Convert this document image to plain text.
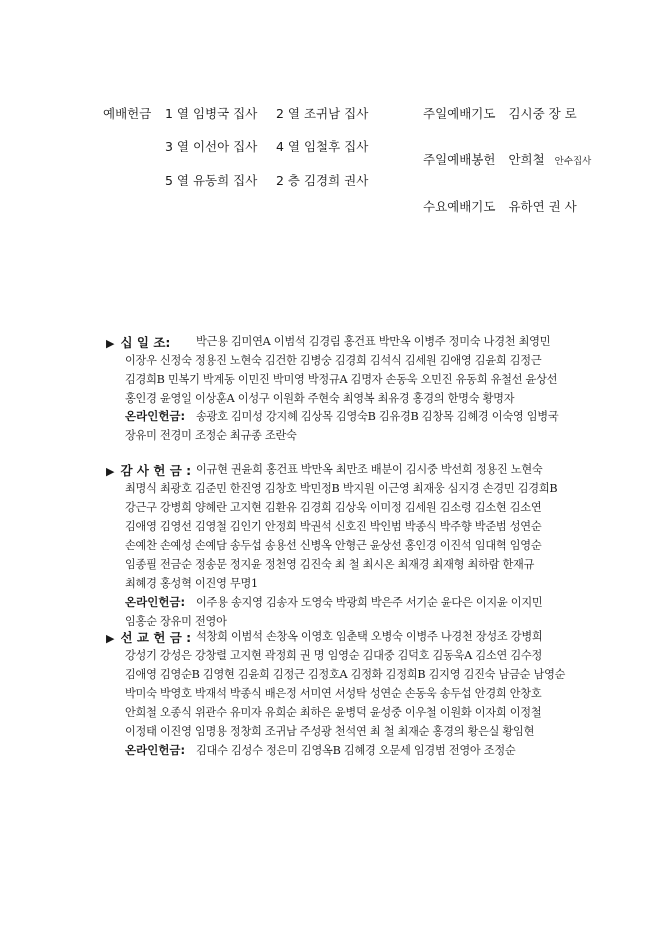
예배헌금 1 열 임병국 집사 2 열 조귀남 집사
3 열 이선아 집사 4 열 임철후 집사
5 열 유동희 집사 2 층 김경희 권사
주일예배기도 김시중 장 로
주일예배봉헌 안희철 안수집사
수요예배기도 유하연 권 사
▶ 십 일 조: 박근용 김미연A 이범석 김경림 홍건표 박만옥 이병주 정미숙 나경천 최영민
이장우 신정숙 정용진 노현숙 김건한 김병숭 김경희 김석식 김세원 김애영 김윤희 김정근
김경희B 민복기 박계동 이민진 박미영 박정규A 김명자 손동욱 오민진 유동희 유철선 윤상선
홍인경 윤영일 이상훈A 이성구 이원화 주현숙 최영복 최유경 홍경의 한명숙 황명자
온라인헌금: 송광호 김미성 강지혜 김상목 김영숙B 김유경B 김창목 김혜경 이숙영 임병국
장유미 전경미 조정순 최규종 조란숙
▶ 감 사 헌 금 : 이규현 권윤희 홍건표 박만옥 최만조 배분이 김시중 박선희 정용진 노현숙
최명식 최광호 김준민 한진영 김창호 박민정B 박지원 이근영 최재웅 심지경 손경민 김경희B
강근구 강병희 양혜란 고지현 김환유 김경희 김상욱 이미정 김세원 김소령 김소현 김소연
김애영 김영선 김영철 김인기 안정희 박권석 신호진 박인범 박종식 박주향 박준범 성연순
손예찬 손예성 손예담 송두섭 송용선 신병옥 안형근 윤상선 홍인경 이진석 임대혁 임영순
임종필 전금순 정송문 정지윤 정천영 김진숙 최 철 최시온 최재경 최재형 최하람 한재규
최혜경 홍성혁 이진영 무명1
온라인헌금: 이주용 송지영 김송자 도영숙 박광희 박은주 서기순 윤다은 이지윤 이지민
임홍순 장유미 전영아
▶ 선 교 헌 금 : 석창희 이범석 손창옥 이영호 임춘택 오병숙 이병주 나경천 장성조 강병희
강성기 강성은 강창렬 고지현 곽정희 권 명 임영순 김대중 김덕호 김동욱A 김소연 김수정
김애영 김영순B 김영현 김윤희 김정근 김정호A 김정화 김정희B 김지영 김진숙 남금순 남영순
박미숙 박영호 박재석 박종식 배은정 서미연 서성탁 성연순 손동욱 송두섭 안경희 안창호
안희철 오종식 위관수 유미자 유희순 최하은 윤병덕 윤성중 이우철 이원화 이자희 이정철
이정태 이진영 임명용 정창희 조귀남 주성광 천석연 최 철 최재순 홍경의 황은실 황임현
온라인헌금: 김대수 김성수 정은미 김영옥B 김혜경 오문세 임경범 전영아 조정순
